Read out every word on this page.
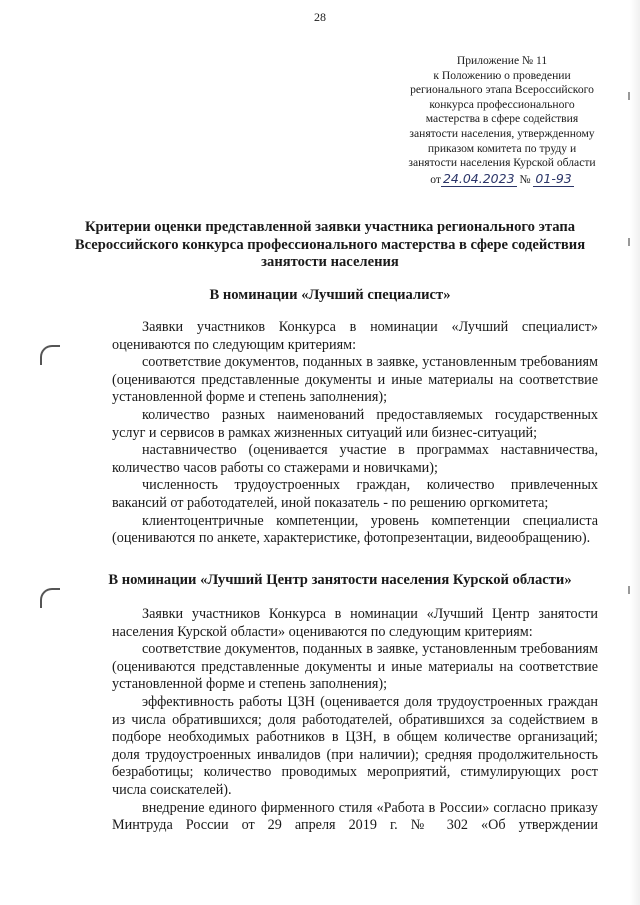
28
Приложение № 11
к Положению о проведении
регионального этапа Всероссийского
конкурса профессионального
мастерства в сфере содействия
занятости населения, утвержденному
приказом комитета по труду и
занятости населения Курской области
от 24.04.2023 № 01-93
Критерии оценки представленной заявки участника регионального этапа Всероссийского конкурса профессионального мастерства в сфере содействия занятости населения
В номинации «Лучший специалист»

Заявки участников Конкурса в номинации «Лучший специалист» оцениваются по следующим критериям:

соответствие документов, поданных в заявке, установленным требованиям (оцениваются представленные документы и иные материалы на соответствие установленной форме и степень заполнения);

количество разных наименований предоставляемых государственных услуг и сервисов в рамках жизненных ситуаций или бизнес-ситуаций;

наставничество (оценивается участие в программах наставничества, количество часов работы со стажерами и новичками);

численность трудоустроенных граждан, количество привлеченных вакансий от работодателей, иной показатель - по решению оргкомитета;

клиентоцентричные компетенции, уровень компетенции специалиста (оцениваются по анкете, характеристике, фотопрезентации, видеообращению).

В номинации «Лучший Центр занятости населения Курской области»

Заявки участников Конкурса в номинации «Лучший Центр занятости населения Курской области» оцениваются по следующим критериям:

соответствие документов, поданных в заявке, установленным требованиям (оцениваются представленные документы и иные материалы на соответствие установленной форме и степень заполнения);

эффективность работы ЦЗН (оценивается доля трудоустроенных граждан из числа обратившихся; доля работодателей, обратившихся за содействием в подборе необходимых работников в ЦЗН, в общем количестве организаций; доля трудоустроенных инвалидов (при наличии); средняя продолжительность безработицы; количество проводимых мероприятий, стимулирующих рост числа соискателей).

внедрение единого фирменного стиля «Работа в России» согласно приказу Минтруда России от 29 апреля 2019 г. № 302 «Об утверждении
